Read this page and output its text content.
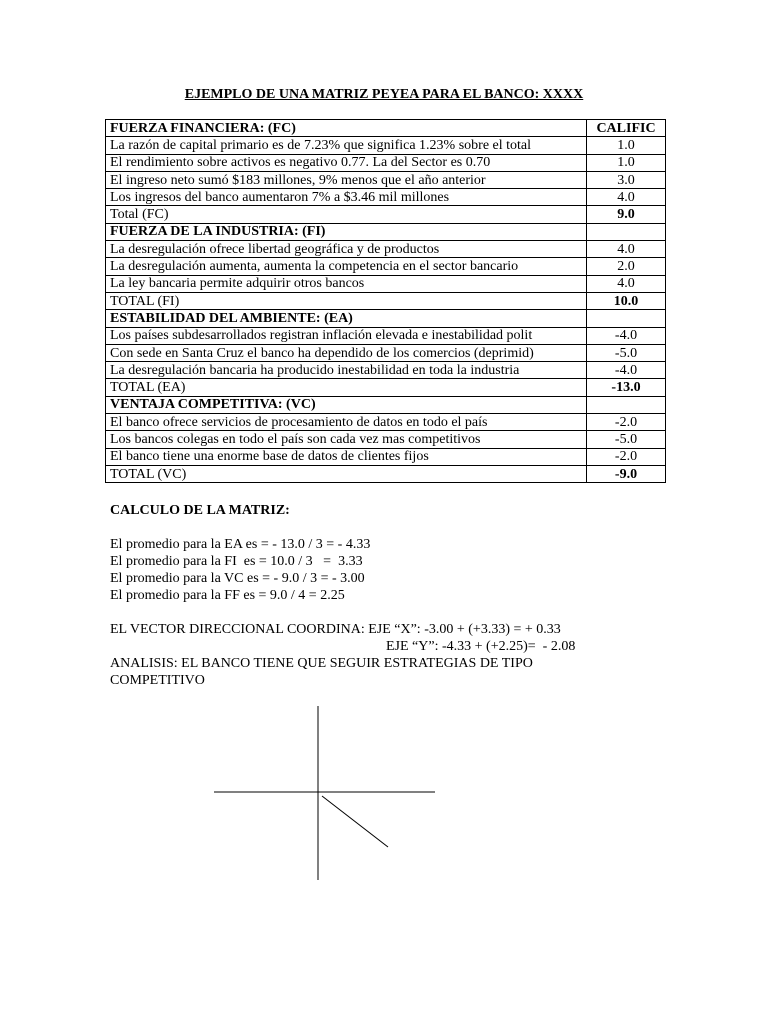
EJEMPLO DE UNA MATRIZ PEYEA PARA EL BANCO: XXXX
FUERZA FINANCIERA: (FC)	CALIFIC
La razón de capital primario es de 7.23% que significa 1.23% sobre el total	1.0
El rendimiento sobre activos es negativo 0.77. La del Sector es 0.70	1.0
El ingreso neto sumó $183 millones, 9% menos que el año anterior	3.0
Los ingresos del banco aumentaron 7% a $3.46 mil millones	4.0
Total (FC)	9.0
FUERZA DE LA INDUSTRIA: (FI)	
La desregulación ofrece libertad geográfica y de productos	4.0
La desregulación aumenta, aumenta la competencia en el sector bancario	2.0
La ley bancaria permite adquirir otros bancos	4.0
TOTAL (FI)	10.0
ESTABILIDAD DEL AMBIENTE: (EA)	
Los países subdesarrollados registran inflación elevada e inestabilidad polit	-4.0
Con sede en Santa Cruz el banco ha dependido de los comercios (deprimid)	-5.0
La desregulación bancaria ha producido inestabilidad en toda la industria	-4.0
TOTAL (EA)	-13.0
VENTAJA COMPETITIVA: (VC)	
El banco ofrece servicios de procesamiento de datos en todo el país	-2.0
Los bancos colegas en todo el país son cada vez mas competitivos	-5.0
El banco tiene una enorme base de datos de clientes fijos	-2.0
TOTAL (VC)	-9.0
CALCULO DE LA MATRIZ:
El promedio para la EA es = - 13.0 / 3 = - 4.33
El promedio para la FI  es = 10.0 / 3   =  3.33
El promedio para la VC es = - 9.0 / 3 = - 3.00
El promedio para la FF es = 9.0 / 4 = 2.25
EL VECTOR DIRECCIONAL COORDINA: EJE “X”: -3.00 + (+3.33) = + 0.33
EJE “Y”: -4.33 + (+2.25)=  - 2.08
ANALISIS: EL BANCO TIENE QUE SEGUIR ESTRATEGIAS DE TIPO
COMPETITIVO
